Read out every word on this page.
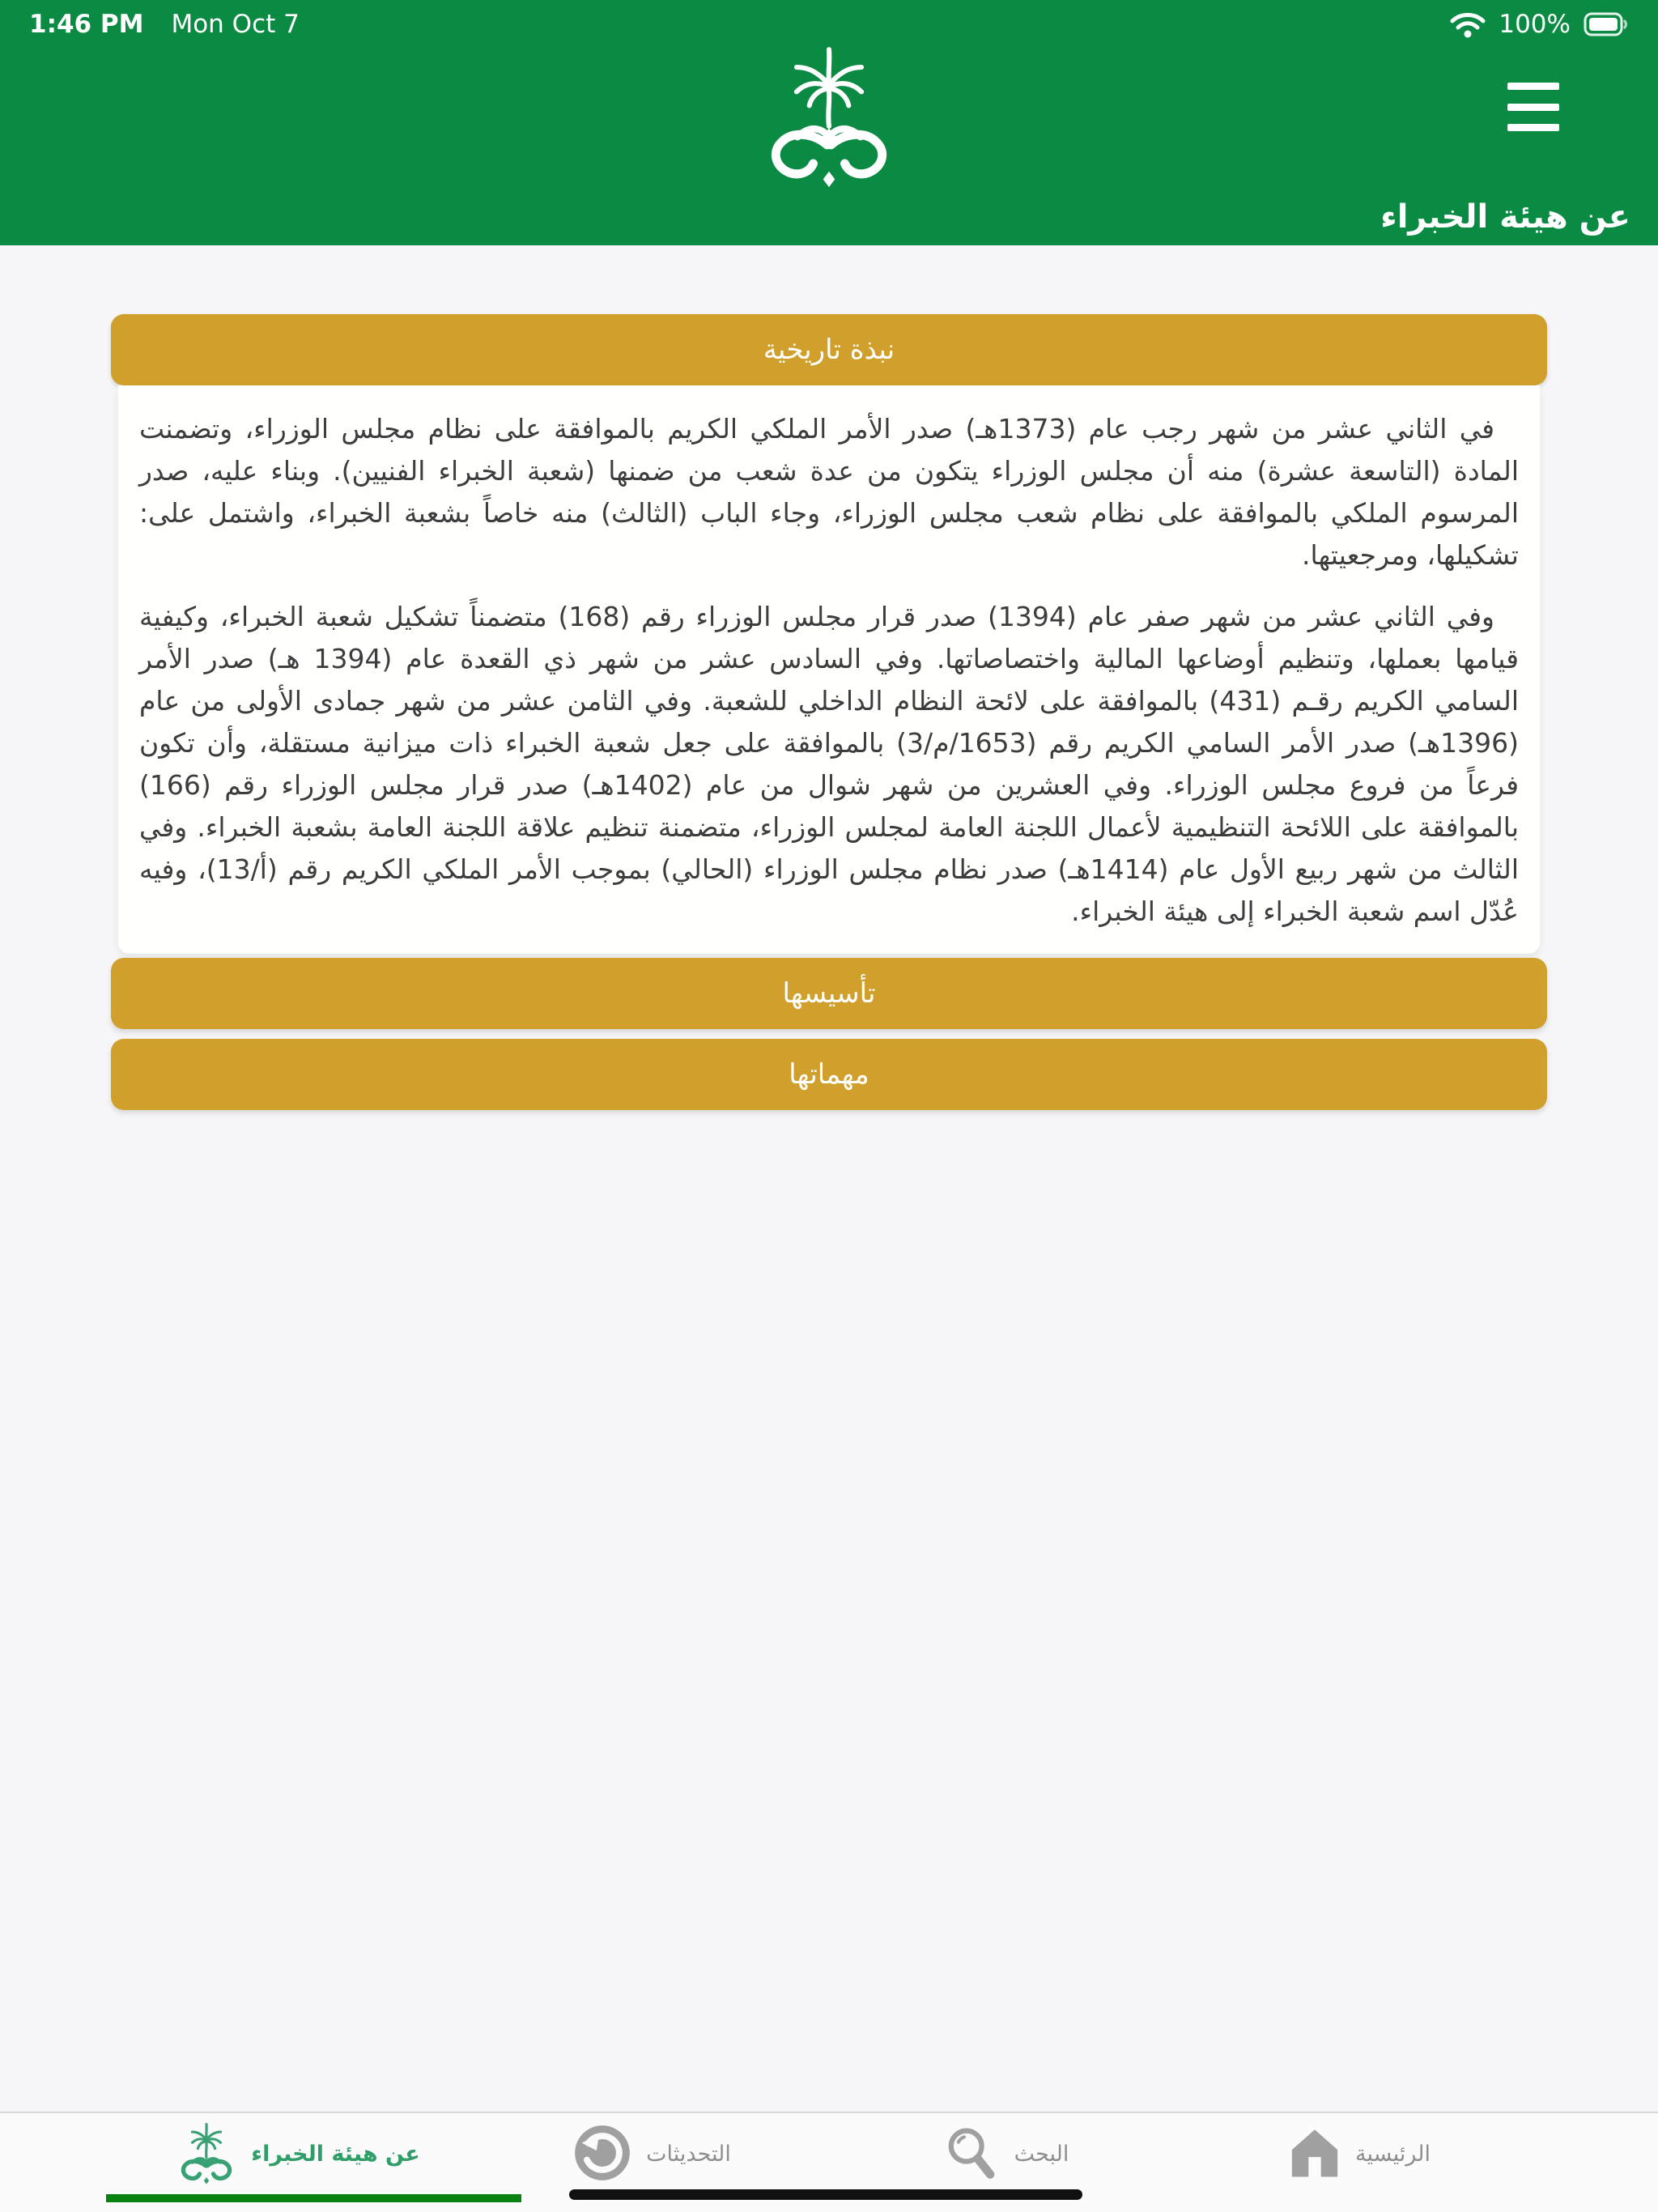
1:46 PM Mon Oct 7	100%
عن هيئة الخبراء
نبذة تاريخية

في الثاني عشر من شهر رجب عام (1373هـ) صدر الأمر الملكي الكريم بالموافقة على نظام مجلس الوزراء، وتضمنت المادة (التاسعة عشرة) منه أن مجلس الوزراء يتكون من عدة شعب من ضمنها (شعبة الخبراء الفنيين). وبناء عليه، صدر المرسوم الملكي بالموافقة على نظام شعب مجلس الوزراء، وجاء الباب (الثالث) منه خاصاً بشعبة الخبراء، واشتمل على: تشكيلها، ومرجعيتها.

وفي الثاني عشر من شهر صفر عام (1394) صدر قرار مجلس الوزراء رقم (168) متضمناً تشكيل شعبة الخبراء، وكيفية قيامها بعملها، وتنظيم أوضاعها المالية واختصاصاتها. وفي السادس عشر من شهر ذي القعدة عام (1394 هـ) صدر الأمر السامي الكريم رقـم (431) بالموافقة على لائحة النظام الداخلي للشعبة. وفي الثامن عشر من شهر جمادى الأولى من عام (1396هـ) صدر الأمر السامي الكريم رقم (1653/م/3) بالموافقة على جعل شعبة الخبراء ذات ميزانية مستقلة، وأن تكون فرعاً من فروع مجلس الوزراء. وفي العشرين من شهر شوال من عام (1402هـ) صدر قرار مجلس الوزراء رقم (166) بالموافقة على اللائحة التنظيمية لأعمال اللجنة العامة لمجلس الوزراء، متضمنة تنظيم علاقة اللجنة العامة بشعبة الخبراء. وفي الثالث من شهر ربيع الأول عام (1414هـ) صدر نظام مجلس الوزراء (الحالي) بموجب الأمر الملكي الكريم رقم (أ/13)، وفيه عُدّل اسم شعبة الخبراء إلى هيئة الخبراء.

تأسيسها
مهماتها
عن هيئة الخبراء	التحديثات	البحث	الرئيسية
